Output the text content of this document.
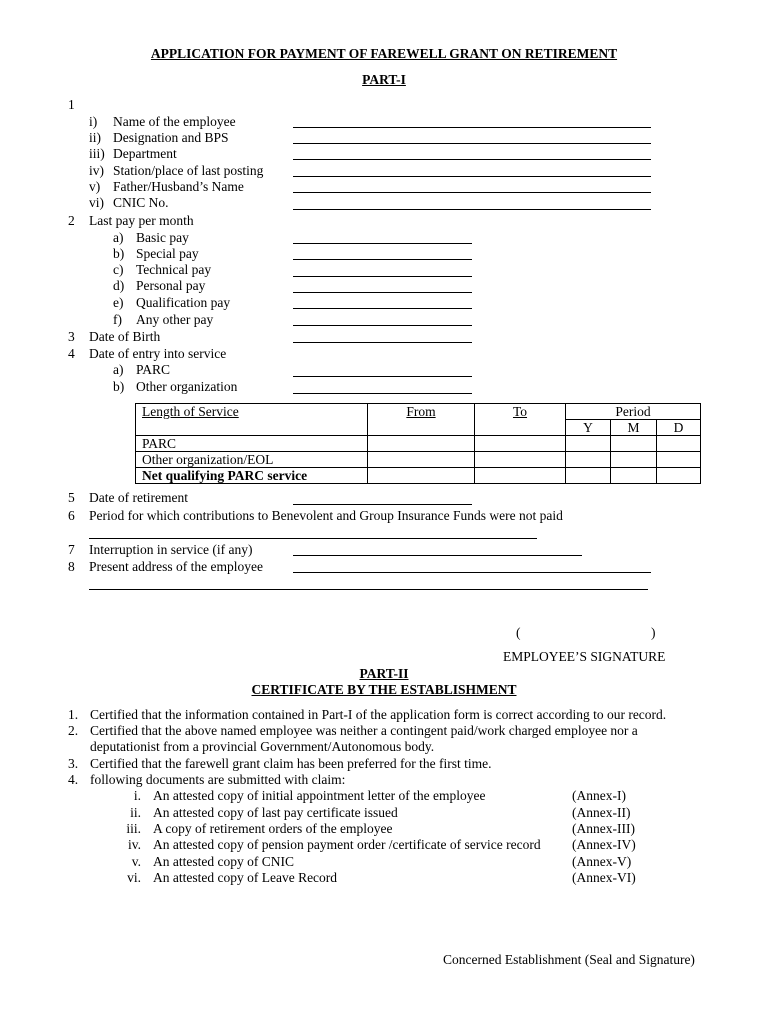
APPLICATION FOR PAYMENT OF FAREWELL GRANT ON RETIREMENT
PART-I
1
i) Name of the employee
ii) Designation and BPS
iii) Department
iv) Station/place of last posting
v) Father/Husband’s Name
vi) CNIC No.
2 Last pay per month
a) Basic pay
b) Special pay
c) Technical pay
d) Personal pay
e) Qualification pay
f) Any other pay
3 Date of Birth
4 Date of entry into service
a) PARC
b) Other organization
Length of Service	From	To	Period		
			Y	M	D
PARC					
Other organization/EOL					
Net qualifying PARC service					
5 Date of retirement
6 Period for which contributions to Benevolent and Group Insurance Funds were not paid
7 Interruption in service (if any)
8 Present address of the employee
(	)
EMPLOYEE’S SIGNATURE
PART-II
CERTIFICATE BY THE ESTABLISHMENT
1. Certified that the information contained in Part-I of the application form is correct according to our record.
2. Certified that the above named employee was neither a contingent paid/work charged employee nor a
deputationist from a provincial Government/Autonomous body.
3. Certified that the farewell grant claim has been preferred for the first time.
4. following documents are submitted with claim:
i. An attested copy of initial appointment letter of the employee	(Annex-I)
ii. An attested copy of last pay certificate issued	(Annex-II)
iii. A copy of retirement orders of the employee	(Annex-III)
iv. An attested copy of pension payment order /certificate of service record (Annex-IV)
v. An attested copy of CNIC	(Annex-V)
vi. An attested copy of Leave Record	(Annex-VI)
Concerned Establishment (Seal and Signature)
